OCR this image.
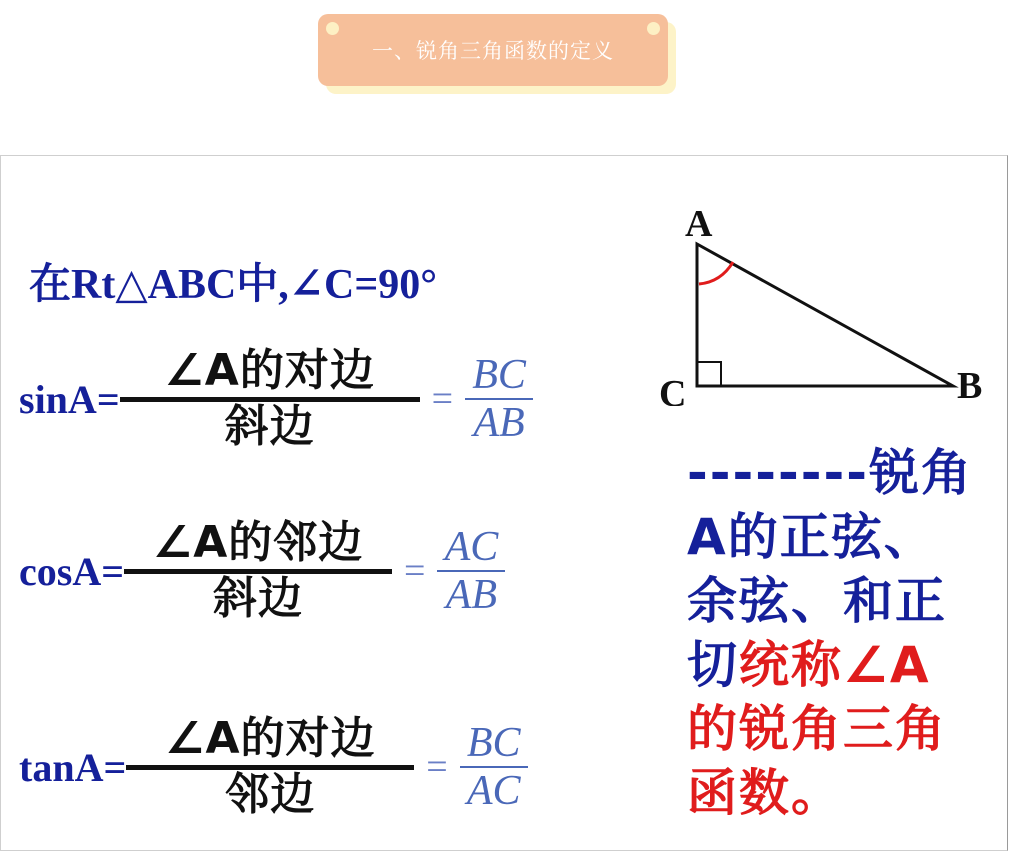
一、锐角三角函数的定义
在Rt△ABC中,∠C=90°
sinA=
∠A的对边
斜边
=
BC
AB
cosA=
∠A的邻边
斜边
=
AC
AB
tanA=
∠A的对边
邻边
=
BC
AC
A
C	B
--------锐角
A的正弦、
余弦、和正
切统称∠A
的锐角三角
函数。
